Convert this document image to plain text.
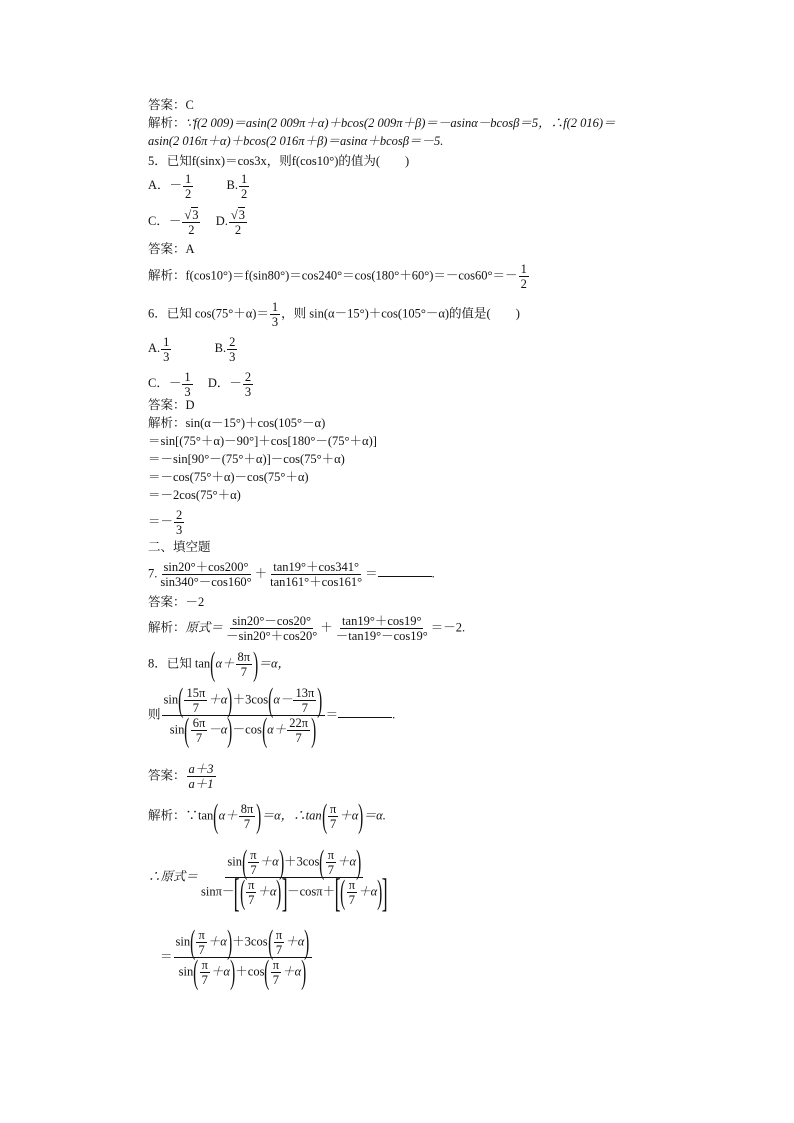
答案：C
解析：∵f(2 009)＝asin(2 009π＋α)＋bcos(2 009π＋β)＝－asinα－bcosβ＝5，∴f(2 016)＝
asin(2 016π＋α)＋bcos(2 016π＋β)＝asinα＋bcosβ＝－5.
5．已知f(sinx)＝cos3x，则f(cos10°)的值为(　　)
A．－ $\frac{1}{2}$	B. $\frac{1}{2}$
C．－ $\frac{√3}{2} D$. $\frac{√3}{2}$
答案：A
解析：$f(\cos 10^\circ)=f(\sin 80^\circ)=\cos 240^\circ=\cos(180^\circ+60^\circ)=-\cos 60^\circ=- \frac{1}{2}$
6．已知 $\cos(75^\circ+\alpha)= \frac{1}{3}$ ，则 sin(α－15°)＋cos(105°－α)的值是(　　)
A. $\frac{1}{3}$	B. $\frac{2}{3}$
C．－ $\frac{1}{3}$ D．－ $\frac{2}{3}$
答案：D
解析：sin(α－15°)＋cos(105°－α)
＝sin[(75°＋α)－90°]＋cos[180°－(75°＋α)]
＝－sin[90°－(75°＋α)]－cos(75°＋α)
＝－cos(75°＋α)－cos(75°＋α)
＝－2cos(75°＋α)
＝－ $\frac{2}{3}$
二、填空题
7. $\frac{\sin 20^\circ+\cos 200^\circ}{\sin 340^\circ-\cos 160^\circ} + \frac{\tan 19^\circ+\cos 341^\circ}{\tan 161^\circ+\cos 161^\circ}$ ＝	.
答案：－2
解析：原式＝ $\frac{\sin 20^\circ-\cos 20^\circ}{-\sin 20^\circ+\cos 20^\circ} + \frac{\tan 19^\circ+\cos 19^\circ}{-\tan 19^\circ-\cos 19^\circ} =-2$.
8．已知 $\tan(\alpha+ \frac{8\pi}{7} )=\alpha$，
则 $\frac{\sin( \frac{15\pi}{7} +\alpha)+3\cos(\alpha- \frac{13\pi}{7} )}{\sin( \frac{6\pi}{7} -\alpha)-\cos(\alpha+ \frac{22\pi}{7} )}$ ＝	.
答案： $\frac{a+3}{a+1}$
解析：∵tan(α＋ $\frac{8\pi}{7} )=\alpha$，∴tan( $\frac{\pi}{7} +\alpha)=\alpha$.
∴原式＝ $\frac{\sin( \frac{\pi}{7} +\alpha)+3\cos( \frac{\pi}{7} +\alpha)}{\sin\pi-[( \frac{\pi}{7} +\alpha)]-\cos\pi+[( \frac{\pi}{7} +\alpha)]}$
＝ $\frac{\sin( \frac{\pi}{7} +\alpha)+3\cos( \frac{\pi}{7} +\alpha)}{\sin( \frac{\pi}{7} +\alpha)+\cos( \frac{\pi}{7} +\alpha)}$
